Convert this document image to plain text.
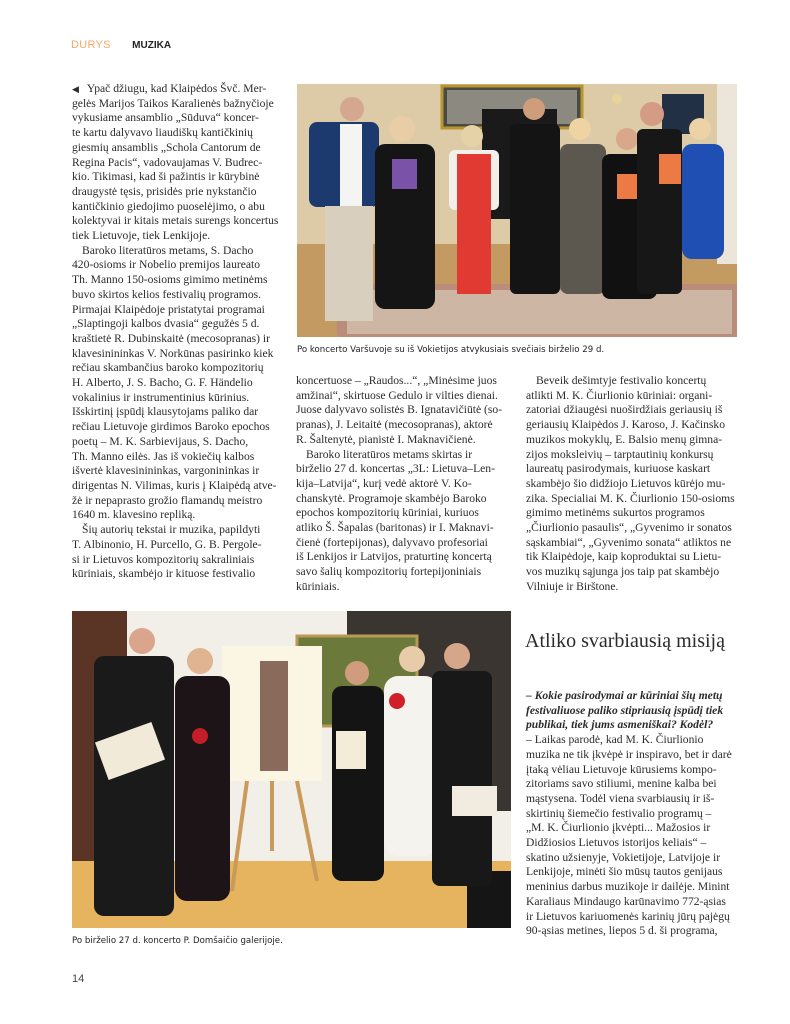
DURYS MUZIKA

◀ Ypač džiugu, kad Klaipėdos Švč. Mer-
gelės Marijos Taikos Karalienės bažnyčioje
vykusiame ansamblio „Sūduva“ koncer-
te kartu dalyvavo liaudiškų kantičkinių
giesmių ansamblis „Schola Cantorum de
Regina Pacis“, vadovaujamas V. Budrec-
kio. Tikimasi, kad ši pažintis ir kūrybinė
draugystė tęsis, prisidės prie nykstančio
kantičkinio giedojimo puoselėjimo, o abu
kolektyvai ir kitais metais surengs koncertus
tiek Lietuvoje, tiek Lenkijoje.

Baroko literatūros metams, S. Dacho
420-osioms ir Nobelio premijos laureato
Th. Manno 150-osioms gimimo metinėms
buvo skirtos kelios festivalių programos.
Pirmajai Klaipėdoje pristatytai programai
„Slaptingoji kalbos dvasia“ gegužės 5 d.
kraštietė R. Dubinskaitė (mecosopranas) ir
klavesinininkas V. Norkūnas pasirinko kiek
rečiau skambančius baroko kompozitorių
H. Alberto, J. S. Bacho, G. F. Händelio
vokalinius ir instrumentinius kūrinius.
Išskirtinį įspūdį klausytojams paliko dar
rečiau Lietuvoje girdimos Baroko epochos
poetų – M. K. Sarbievijaus, S. Dacho,
Th. Manno eilės. Jas iš vokiečių kalbos
išvertė klavesinininkas, vargonininkas ir
dirigentas N. Vilimas, kuris į Klaipėdą atve-
žė ir nepaprasto grožio flamandų meistro
1640 m. klavesino repliką.

Šių autorių tekstai ir muzika, papildyti
T. Albinonio, H. Purcello, G. B. Pergole-
si ir Lietuvos kompozitorių sakraliniais
kūriniais, skambėjo ir kituose festivalio

Po koncerto Varšuvoje su iš Vokietijos atvykusiais svečiais birželio 29 d.

koncertuose – „Raudos...“, „Minėsime juos
amžinai“, skirtuose Gedulo ir vilties dienai.
Juose dalyvavo solistės B. Ignatavičiūtė (so-
pranas), J. Leitaitė (mecosopranas), aktorė
R. Šaltenytė, pianistė I. Maknavičienė.

Baroko literatūros metams skirtas ir
birželio 27 d. koncertas „3L: Lietuva–Len-
kija–Latvija“, kurį vedė aktorė V. Ko-
chanskytė. Programoje skambėjo Baroko
epochos kompozitorių kūriniai, kuriuos
atliko Š. Šapalas (baritonas) ir I. Maknavi-
čienė (fortepijonas), dalyvavo profesoriai
iš Lenkijos ir Latvijos, praturtinę koncertą
savo šalių kompozitorių fortepijoniniais
kūriniais.

Beveik dešimtyje festivalio koncertų
atlikti M. K. Čiurlionio kūriniai: organi-
zatoriai džiaugėsi nuoširdžiais geriausių iš
geriausių Klaipėdos J. Karoso, J. Kačinsko
muzikos mokyklų, E. Balsio menų gimna-
zijos moksleivių – tarptautinių konkursų
laureatų pasirodymais, kuriuose kaskart
skambėjo šio didžiojo Lietuvos kūrėjo mu-
zika. Specialiai M. K. Čiurlionio 150-osioms
gimimo metinėms sukurtos programos
„Čiurlionio pasaulis“, „Gyvenimo ir sonatos
sąskambiai“, „Gyvenimo sonata“ atliktos ne
tik Klaipėdoje, kaip koproduktai su Lietu-
vos muzikų sąjunga jos taip pat skambėjo
Vilniuje ir Birštone.

Po birželio 27 d. koncerto P. Domšaičio galerijoje.
Atliko svarbiausią misiją

– Kokie pasirodymai ar kūriniai šių metų
festivaliuose paliko stipriausią įspūdį tiek
publikai, tiek jums asmeniškai? Kodėl?

– Laikas parodė, kad M. K. Čiurlionio
muzika ne tik įkvėpė ir inspiravo, bet ir darė
įtaką vėliau Lietuvoje kūrusiems kompo-
zitoriams savo stiliumi, menine kalba bei
mąstysena. Todėl viena svarbiausių ir iš-
skirtinių šiemečio festivalio programų –
„M. K. Čiurlionio įkvėpti... Mažosios ir
Didžiosios Lietuvos istorijos keliais“ –
skatino užsienyje, Vokietijoje, Latvijoje ir
Lenkijoje, minėti šio mūsų tautos genijaus
meninius darbus muzikoje ir dailėje. Minint
Karaliaus Mindaugo karūnavimo 772-ąsias
ir Lietuvos kariuomenės karinių jūrų pajėgų
90-ąsias metines, liepos 5 d. ši programa,

14
